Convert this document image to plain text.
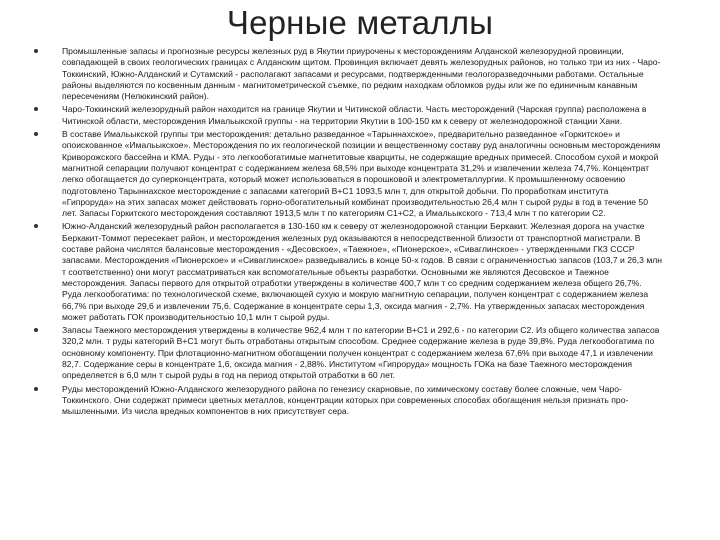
Черные металлы
Промышленные запасы и прогнозные ресурсы железных руд в Якутии приурочены к месторождениям Алданской железорудной провинции, совпадающей в своих геологических границах с Алданским щитом. Провинция включает девять железорудных районов, но только три из них - Чаро-Токкинский, Южно-Алданский и Сутамский - располагают запасами и ресурсами, подтвержденными геологоразведочными работами. Остальные районы выделяются по косвенным данным - магнитометрической съемке, по редким находкам обломков руды или же по единичным канавным пересечениям (Нелюкинский район).
Чаро-Токкинский железорудный район находится на границе Якутии и Читинской области. Часть месторождений (Чарская группа) расположена в Читинской области, месторождения Имальыкской группы - на территории Якутии в 100-150 км к северу от железнодорожной станции Хани.
В составе Имальыкской группы три месторождения: детально разведанное «Тарыннахское», предварительно разведанное «Горкитское» и опоискованное «Имальыкское». Месторождения по их геологической позиции и вещественному составу руд аналогичны основным месторождениям Криворожского бассейна и КМА. Руды - это легкообогатимые магнетитовые кварциты, не содержащие вредных примесей. Способом сухой и мокрой магнитной сепарации получают концентрат с содержанием железа 68,5% при выходе концентрата 31,2% и извлечении железа 74,7%. Концентрат легко обогащается до суперконцентрата, который может использоваться в порошковой и электрометаллургии. К промышленному освоению подготовлено Тарыннахское месторождение с запасами категорий В+С1 1093,5 млн т, для открытой добычи. По проработкам института «Гипроруда» на этих запасах может действовать горно-обогатительный комбинат производительностью 26,4 млн т сырой руды в год в течение 50 лет. Запасы Горкитского месторождения составляют 1913,5 млн т по категориям С1+С2, а Имальыкского - 713,4 млн т по категории С2.
Южно-Алданский железорудный район располагается в 130-160 км к северу от железнодорожной станции Беркакит. Железная дорога на участке Беркакит-Томмот пересекает район, и месторождения железных руд оказываются в непосредственной близости от транспортной магистрали. В составе района числятся балансовые месторождения - «Десовское», «Таежное», «Пионерское», «Сиваглинское» - утвержденными ГКЗ СССР запасами. Месторождения «Пионерское» и «Сиваглинское» разведывались в конце 50-х годов. В связи с ограниченностью запасов (103,7 и 26,3 млн т соответственно) они могут рассматриваться как вспомогательные объекты разработки. Основными же являются Десовское и Таежное месторождения. Запасы первого для открытой отработки утверждены в количестве 400,7 млн т со средним содержанием железа общего 26,7%. Руда легкообогатима: по технологической схеме, включающей сухую и мокрую магнитную сепарации, получен концентрат с содержанием железа 66,7% при выходе 29,6 и извлечении 75,6. Содержание в концентрате серы 1,3, оксида магния - 2,7%. На утвержденных запасах месторождения может работать ГОК производительностью 10,1 млн т сырой руды.
Запасы Таежного месторождения утверждены в количестве 962,4 млн т по категории В+С1 и 292,6 - по категории С2. Из общего количества запасов 320,2 млн. т руды категорий В+С1 могут быть отработаны открытым способом. Среднее содержание железа в руде 39,8%. Руда легкообогатима по основному компоненту. При флотационно-магнитном обогащении получен концентрат с содержанием железа 67,6% при выходе 47,1 и извлечении 82,7. Содержание серы в концентрате 1,6, оксида магния - 2,88%. Институтом «Гипроруда» мощность ГОКа на базе Таежного месторождения определяется в 6,0 млн т сырой руды в год на период открытой отработки в 60 лет.
Руды месторождений Южно-Алданского железорудного района по генезису скарновые, по химическому составу более сложные, чем Чаро-Токкинского. Они содержат примеси цветных металлов, концентрации которых при современных способах обогащения нельзя признать про-мышленными. Из числа вредных компонентов в них присутствует сера.
